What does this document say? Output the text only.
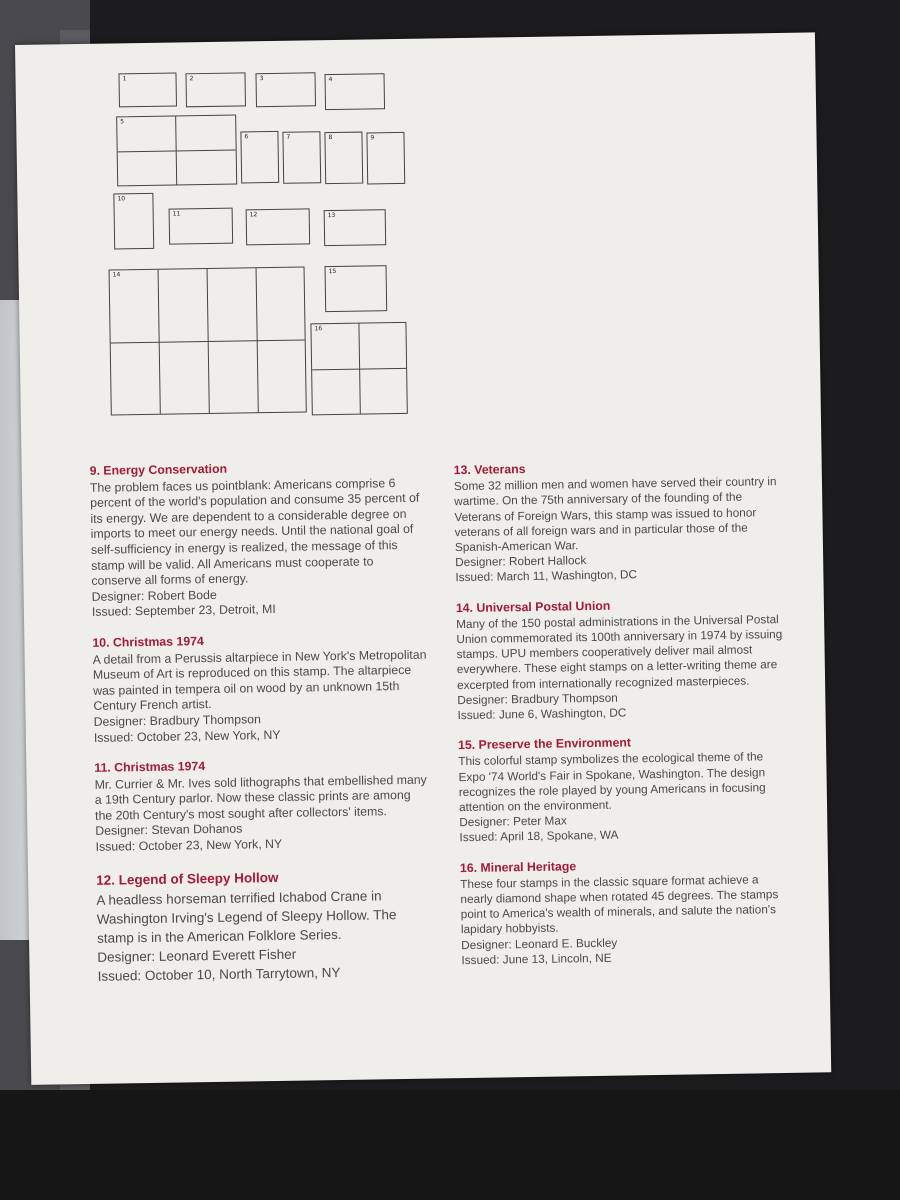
1	2	3	4
5
6	7	8	9
10
11	12	13
14	15
16
9. Energy Conservation

The problem faces us pointblank: Americans comprise 6 percent of the world's population and consume 35 percent of its energy. We are dependent to a considerable degree on imports to meet our energy needs. Until the national goal of self-sufficiency in energy is realized, the message of this stamp will be valid. All Americans must cooperate to conserve all forms of energy.

Designer: Robert Bode

Issued: September 23, Detroit, MI

10. Christmas 1974

A detail from a Perussis altarpiece in New York's Metropolitan Museum of Art is reproduced on this stamp. The altarpiece was painted in tempera oil on wood by an unknown 15th Century French artist.

Designer: Bradbury Thompson

Issued: October 23, New York, NY

11. Christmas 1974

Mr. Currier & Mr. Ives sold lithographs that embellished many a 19th Century parlor. Now these classic prints are among the 20th Century's most sought after collectors' items.

Designer: Stevan Dohanos

Issued: October 23, New York, NY

12. Legend of Sleepy Hollow

A headless horseman terrified Ichabod Crane in Washington Irving's Legend of Sleepy Hollow. The stamp is in the American Folklore Series.

Designer: Leonard Everett Fisher

Issued: October 10, North Tarrytown, NY

13. Veterans

Some 32 million men and women have served their country in wartime. On the 75th anniversary of the founding of the Veterans of Foreign Wars, this stamp was issued to honor veterans of all foreign wars and in particular those of the Spanish-American War.

Designer: Robert Hallock

Issued: March 11, Washington, DC

14. Universal Postal Union

Many of the 150 postal administrations in the Universal Postal Union commemorated its 100th anniversary in 1974 by issuing stamps. UPU members cooperatively deliver mail almost everywhere. These eight stamps on a letter-writing theme are excerpted from internationally recognized masterpieces.

Designer: Bradbury Thompson

Issued: June 6, Washington, DC

15. Preserve the Environment

This colorful stamp symbolizes the ecological theme of the Expo '74 World's Fair in Spokane, Washington. The design recognizes the role played by young Americans in focusing attention on the environment.

Designer: Peter Max

Issued: April 18, Spokane, WA

16. Mineral Heritage

These four stamps in the classic square format achieve a nearly diamond shape when rotated 45 degrees. The stamps point to America's wealth of minerals, and salute the nation's lapidary hobbyists.

Designer: Leonard E. Buckley

Issued: June 13, Lincoln, NE
